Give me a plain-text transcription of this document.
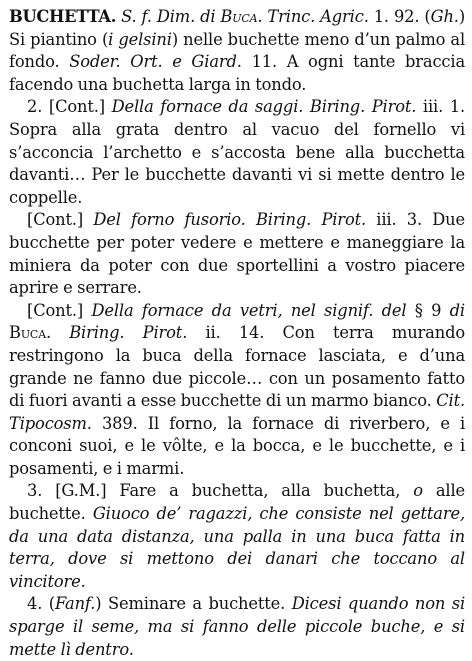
BUCHETTA. S. f. Dim. di Buca. Trinc. Agric. 1. 92. (Gh.) Si piantino (i gelsini) nelle buchette meno d’un palmo al fondo. Soder. Ort. e Giard. 11. A ogni tante braccia facendo una buchetta larga in tondo.

2. [Cont.] Della fornace da saggi. Biring. Pirot. iii. 1. Sopra alla grata dentro al vacuo del fornello vi s’acconcia l’archetto e s’accosta bene alla bucchetta davanti… Per le bucchette davanti vi si mette dentro le coppelle.

[Cont.] Del forno fusorio. Biring. Pirot. iii. 3. Due bucchette per poter vedere e mettere e maneggiare la miniera da poter con due sportellini a vostro piacere aprire e serrare.

[Cont.] Della fornace da vetri, nel signif. del § 9 di Buca. Biring. Pirot. ii. 14. Con terra murando restringono la buca della fornace lasciata, e d’una grande ne fanno due piccole… con un posamento fatto di fuori avanti a esse bucchette di un marmo bianco. Cit. Tipocosm. 389. Il forno, la fornace di riverbero, e i conconi suoi, e le vôlte, e la bocca, e le bucchette, e i posamenti, e i marmi.

3. [G.M.] Fare a buchetta, alla buchetta, o alle buchette. Giuoco de’ ragazzi, che consiste nel gettare, da una data distanza, una palla in una buca fatta in terra, dove si mettono dei danari che toccano al vincitore.

4. (Fanf.) Seminare a buchette. Dicesi quando non si sparge il seme, ma si fanno delle piccole buche, e si mette lì dentro.
